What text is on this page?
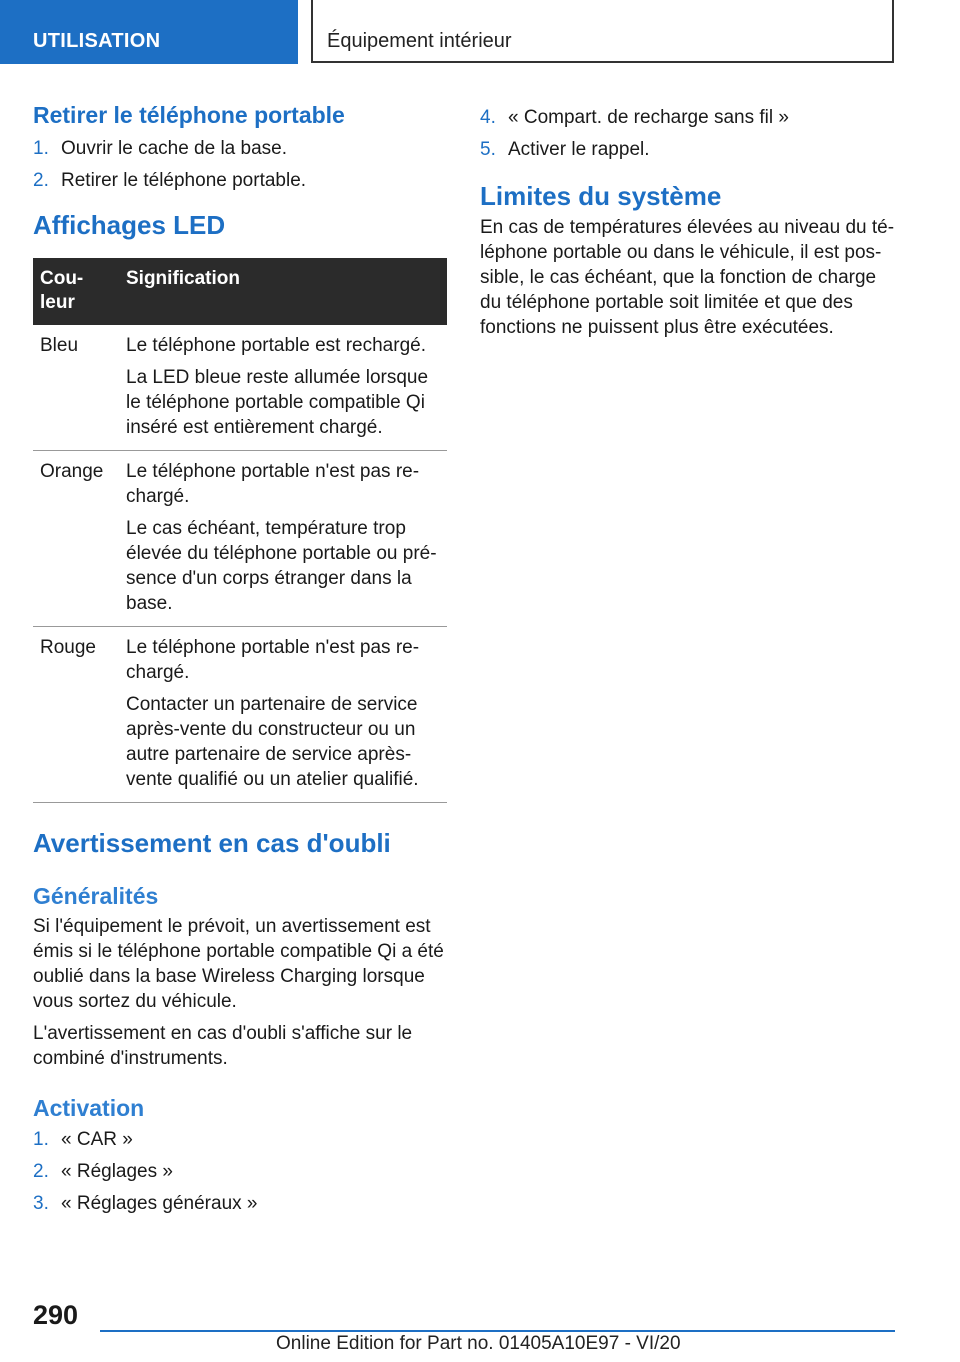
UTILISATION	Équipement intérieur
Retirer le téléphone portable
1. Ouvrir le cache de la base.
2. Retirer le téléphone portable.
Affichages LED
Cou-
leur	Signification
Bleu	Le téléphone portable est rechargé.

La LED bleue reste allumée lorsque le téléphone portable compatible Qi inséré est entièrement chargé.

Orange	Le téléphone portable n'est pas re-chargé.

Le cas échéant, température trop élevée du téléphone portable ou pré-sence d'un corps étranger dans la base.

Rouge	Le téléphone portable n'est pas re-chargé.

Contacter un partenaire de service après-vente du constructeur ou un autre partenaire de service après-vente qualifié ou un atelier qualifié.

Avertissement en cas d'oubli
Généralités

Si l'équipement le prévoit, un avertissement est émis si le téléphone portable compatible Qi a été oublié dans la base Wireless Charging lorsque vous sortez du véhicule.

L'avertissement en cas d'oubli s'affiche sur le combiné d'instruments.

Activation
1. « CAR »
2. « Réglages »
3. « Réglages généraux »
4. « Compart. de recharge sans fil »
5. Activer le rappel.
Limites du système

En cas de températures élevées au niveau du té-léphone portable ou dans le véhicule, il est pos-sible, le cas échéant, que la fonction de charge du téléphone portable soit limitée et que des fonctions ne puissent plus être exécutées.

290
Online Edition for Part no. 01405A10E97 - VI/20
